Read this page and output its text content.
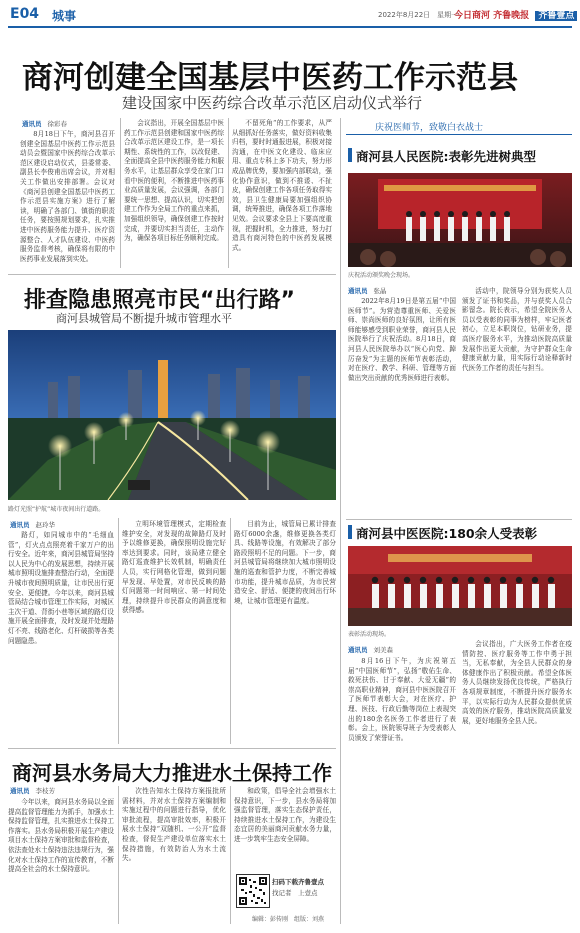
E04 城事	2022年8月22日　星期一　
今日商河 齐鲁晚报 齐鲁壹点
商河创建全国基层中医药工作示范县
建设国家中医药综合改革示范区启动仪式举行
通讯员 徐彩春

8月18日下午，商河县召开创建全国基层中医药工作示范县动员会暨国家中医药综合改革示范区建设启动仪式，县委常委、副县长李俊甫出席会议，并对相关工作做出安排部署。会议对《商河县创建全国基层中医药工作示范县实施方案》进行了解读，明确了各部门、镇街的职责任务，要按照规划要求，扎实推进中医药服务能力提升、医疗资源整合、人才队伍建设、中医药服务监督考核，确保将有限的中医药事业发展落到实处。

会议指出，开展全国基层中医药工作示范县创建和国家中医药综合改革示范区建设工作，是一项长期性、系统性的工作，以改促建、全面提高全县中医药服务能力和服务水平，让基层群众享受在家门口看中医的便利，不断推进中医药事业高质量发展，会议强调，各部门要统一思想、提高认识，切实把创建工作作为全局工作的重点来抓，加强组织领导，确保创建工作按时完成，并要切实担当责任，主动作为，确保各项目标任务顺利完成。

不留死角“的工作要求，从严从细抓好任务落实，做好资料收集归档，要时时通报进展，积极对接沟通，在中医文化建设、临床应用、重点专科上多下功夫，努力形成品牌优势，要加强内部联动，强化协作意识，做到不推诿、不扯皮，确保创建工作各项任务取得实效，县卫生健康局要加强组织协调，统筹推进，确保各项工作落地见效。会议要求全县上下要高度重视，把握时机，全力推进，努力打造具有商河特色的中医药发展模式。

庆祝医师节，致敬白衣战士
商河县人民医院:表彰先进树典型
庆祝活动颁奖晚会现场。
通讯员 张晶

2022年8月19日是第五届“中国医师节”。为营造尊重医师、关爱医师、崇尚医师的良好氛围，让所有医师能够感受到职业荣誉，商河县人民医院举行了庆祝活动。8月18日，商河县人民医院举办以“医心向党、踔厉奋发”为主题的医师节表彰活动，对在医疗、教学、科研、管理等方面做出突出贡献的优秀医师进行表彰。

活动中，院领导分别为获奖人员颁发了证书和奖品，并与获奖人员合影留念。院长表示，希望全院医务人员以受表彰的同事为榜样，牢记医者初心，立足本职岗位，钻研业务，提高医疗服务水平，为推动医院高质量发展作出更大贡献，为守护群众生命健康贡献力量，用实际行动诠释新时代医务工作者的责任与担当。

商河县中医医院:180余人受表彰
表彰活动现场。
通讯员 刘美森

8月16日下午，为庆祝第五届“中国医师节”，弘扬“敬佑生命、救死扶伤、甘于奉献、大爱无疆”的崇高职业精神，商河县中医医院召开了医师节表彰大会，对在医疗、护理、医技、行政后勤等岗位上表现突出的180余名医务工作者进行了表彰。会上，医院领导班子为受表彰人员颁发了荣誉证书。

会议指出，广大医务工作者在疫情防控、医疗服务等工作中勇于担当，无私奉献，为全县人民群众的身体健康作出了积极贡献。希望全体医务人员继续发扬优良传统，严格执行各项规章制度，不断提升医疗服务水平，以实际行动为人民群众提供优质高效的医疗服务，推动医院高质量发展，更好地服务全县人民。

排查隐患照亮市民“出行路”
商河县城管局不断提升城市管理水平
路灯光照“护航”城市夜间出行道路。
通讯员 赵玲华

路灯，如同城市中的“毛细血管”，灯火点点照亮着千家万户的出行安全。近年来，商河县城管局坚持以人民为中心的发展思想，持续开展城市照明设施排查整治行动，全面提升城市夜间照明质量，让市民出行更安全、更便捷。今年以来，商河县城管局结合城市管理工作实际，对城区主次干道、背街小巷等区域的路灯设施开展全面排查，及时发现并处理路灯不亮、线路老化、灯杆破损等各类问题隐患。

立明环境管理模式，定期检查维护安全，对发现的故障路灯及时予以维修更换，确保照明设施完好率达到要求。同时，该局建立健全路灯巡查维护长效机制，明确责任人员，实行网格化管理，做到问题早发现、早处置，对市民反映的路灯问题第一时间响应、第一时间处理，持续提升市民群众的满意度和获得感。

目前为止，城管局已累计排查路灯6000余盏，维修更换各类灯具、线路等设施，有效解决了部分路段照明不足的问题。下一步，商河县城管局将继续加大城市照明设施的巡查和管护力度，不断完善城市功能，提升城市品质，为市民营造安全、舒适、便捷的夜间出行环境，让城市管理更有温度。

商河县水务局大力推进水土保持工作
通讯员 李枝芳

今年以来，商河县水务局以全面提高监督管理能力为抓手，加强水土保持监督管理，扎实推进水土保持工作落实。县水务局积极开展生产建设项目水土保持方案审批和监督检查，依法查处水土保持违法违规行为，强化对水土保持工作的宣传教育，不断提高全社会的水土保持意识。

次性告知水土保持方案报批所需材料，并对水土保持方案编制和实施过程中的问题进行指导，优化审批流程，提高审批效率，积极开展水土保持“双随机、一公开”监督检查，督促生产建设单位落实水土保持措施，有效防治人为水土流失。

和政策，倡导全社会增强水土保持意识，下一步，县水务局将加强监督管理，落实生态保护责任，持续推进水土保持工作，为建设生态宜居的美丽商河贡献水务力量，进一步筑牢生态安全屏障。

扫码下载齐鲁壹点
找记者　上壹点
编辑：彭传刚　组版：刘燕
